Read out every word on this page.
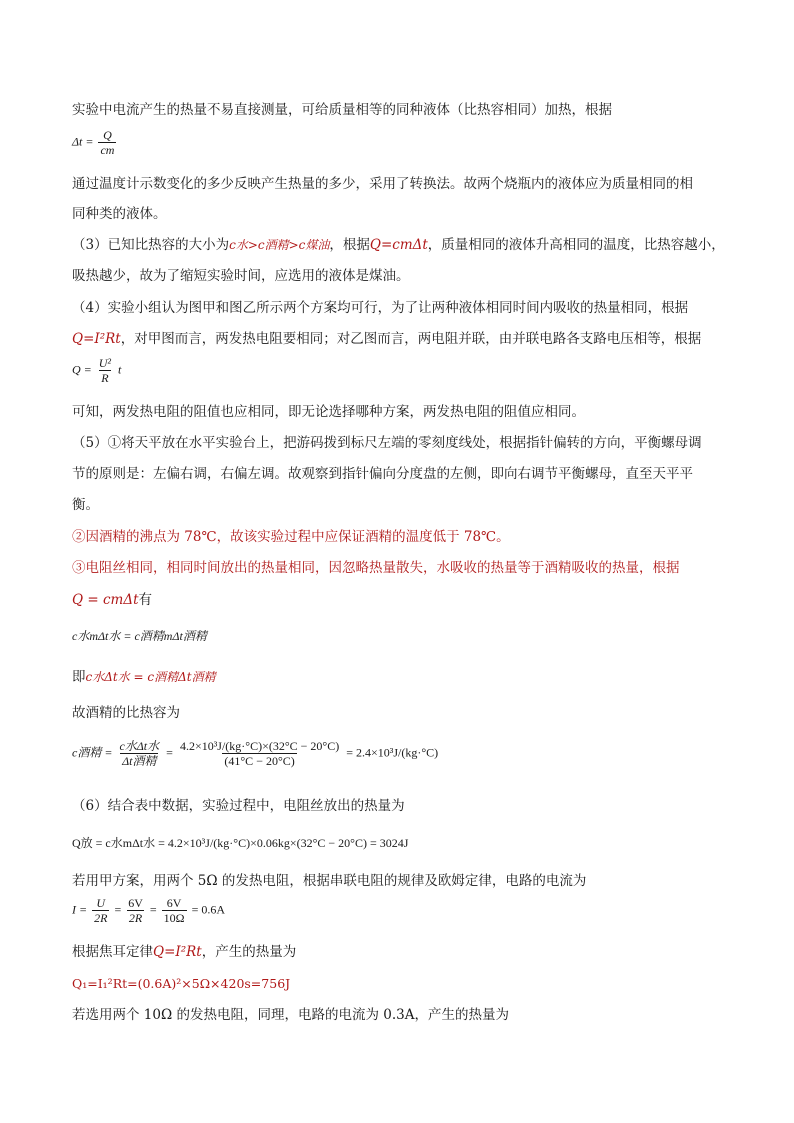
实验中电流产生的热量不易直接测量，可给质量相等的同种液体（比热容相同）加热，根据
$\Delta t = \frac{Q}{cm}$
通过温度计示数变化的多少反映产生热量的多少，采用了转换法。故两个烧瓶内的液体应为质量相同的相
同种类的液体。
（3）已知比热容的大小为c水>c酒精>c煤油，根据Q=cmΔt，质量相同的液体升高相同的温度，比热容越小，
吸热越少，故为了缩短实验时间，应选用的液体是煤油。
（4）实验小组认为图甲和图乙所示两个方案均可行，为了让两种液体相同时间内吸收的热量相同，根据
Q=I²Rt，对甲图而言，两发热电阻要相同；对乙图而言，两电阻并联，由并联电路各支路电压相等，根据
$Q = \frac{\text{U²}}{R}$ t
可知，两发热电阻的阻值也应相同，即无论选择哪种方案，两发热电阻的阻值应相同。
（5）①将天平放在水平实验台上，把游码拨到标尺左端的零刻度线处，根据指针偏转的方向，平衡螺母调
节的原则是：左偏右调，右偏左调。故观察到指针偏向分度盘的左侧，即向右调节平衡螺母，直至天平平
衡。
②因酒精的沸点为 78℃，故该实验过程中应保证酒精的温度低于 78℃。
③电阻丝相同，相同时间放出的热量相同，因忽略热量散失，水吸收的热量等于酒精吸收的热量，根据
Q = cmΔt有
c水mΔt水 = c酒精mΔt酒精
即c水Δt水 = c酒精Δt酒精
故酒精的比热容为
c酒精 = $\frac{\text{c水Δt水}}{\text{Δt酒精}} = \frac{\text{4.2×10³J/(kg·°C)×(32°C − 20°C)}}{(41^\circ C - 20^\circ C)} = 2.4\times 10^3J/(kg\cdot^\circ C)$
（6）结合表中数据，实验过程中，电阻丝放出的热量为
Q放 = c水mΔt水 = 4.2×10³J/(kg·°C)×0.06kg×(32°C − 20°C) = 3024J
若用甲方案，用两个 5Ω 的发热电阻，根据串联电阻的规律及欧姆定律，电路的电流为
$I = \frac{U}{2R} = \frac{6V}{2R} = \frac{6V}{10\Omega} = 0.6A$
根据焦耳定律Q=I²Rt，产生的热量为
Q₁=I₁²Rt=(0.6A)²×5Ω×420s=756J
若选用两个 10Ω 的发热电阻，同理，电路的电流为 0.3A，产生的热量为
